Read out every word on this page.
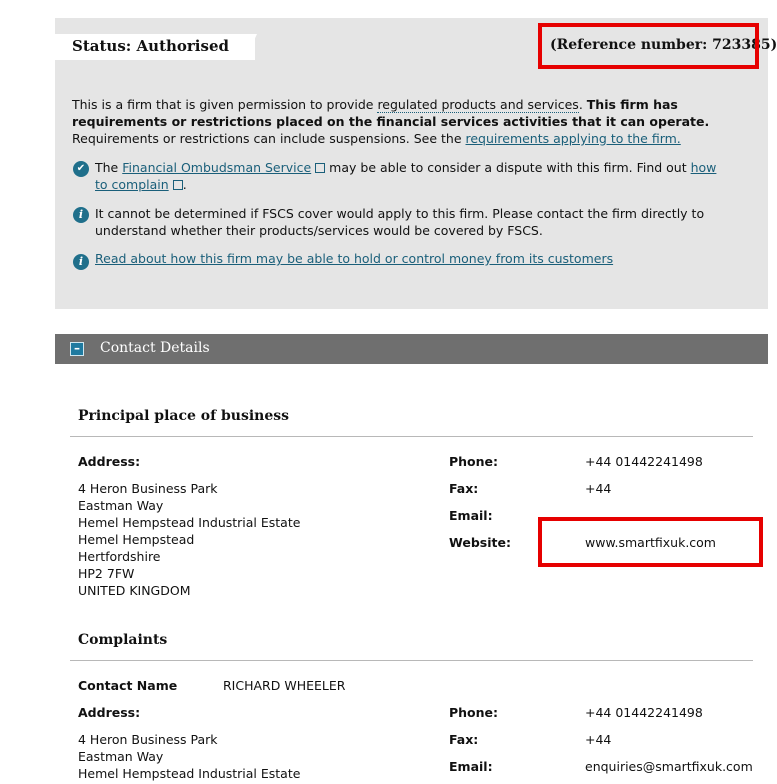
Status: Authorised	(Reference number: 723385)
This is a firm that is given permission to provide regulated products and services. This firm has requirements or restrictions placed on the financial services activities that it can operate. Requirements or restrictions can include suspensions. See the requirements applying to the firm.
✔ The Financial Ombudsman Service may be able to consider a dispute with this firm. Find out how to complain .
i It cannot be determined if FSCS cover would apply to this firm. Please contact the firm directly to understand whether their products/services would be covered by FSCS.
i Read about how this firm may be able to hold or control money from its customers
– Contact Details
Principal place of business
Address:
4 Heron Business Park
Eastman Way
Hemel Hempstead Industrial Estate
Hemel Hempstead
Hertfordshire
HP2 7FW
UNITED KINGDOM
Phone:	+44 01442241498
Fax:	+44
Email:
Website:	www.smartfixuk.com
Complaints
Contact Name	RICHARD WHEELER
Address:
4 Heron Business Park
Eastman Way
Hemel Hempstead Industrial Estate
Phone:	+44 01442241498
Fax:	+44
Email:	enquiries@smartfixuk.com
